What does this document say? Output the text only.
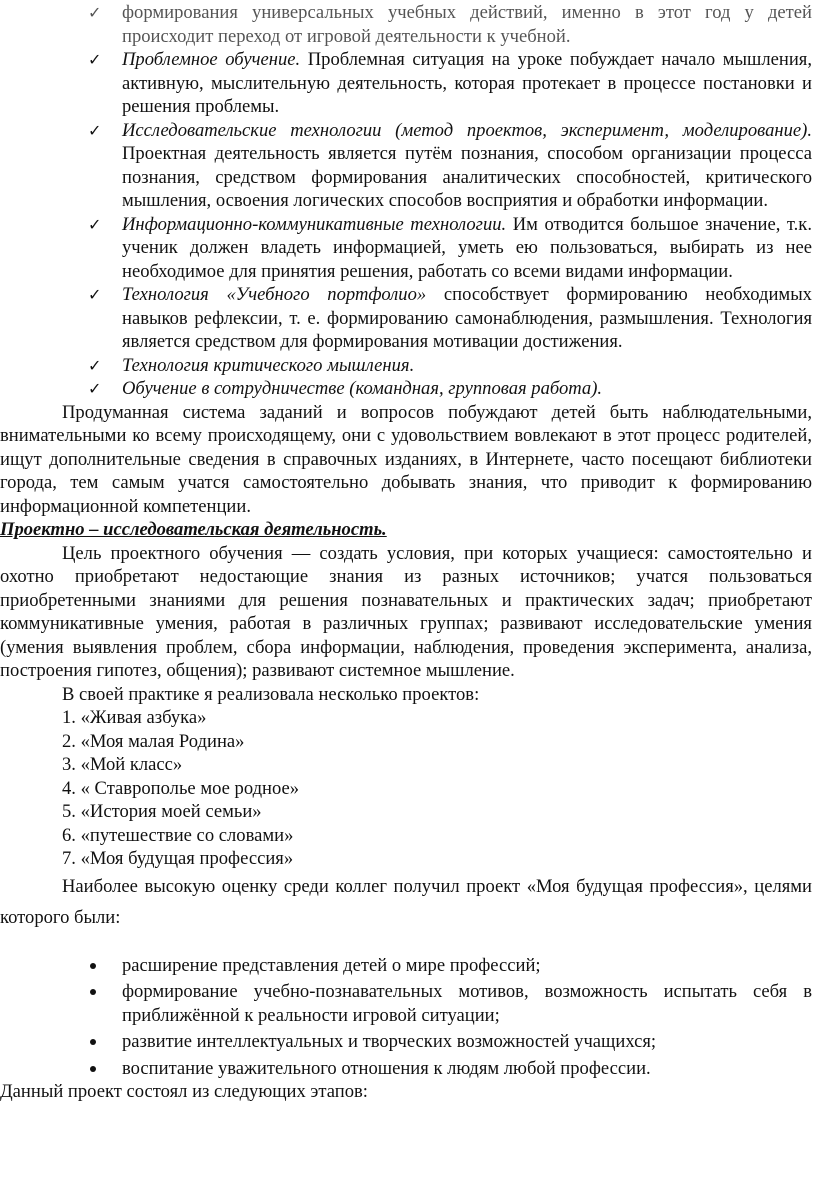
✓	формирования универсальных учебных действий, именно в этот год у детей происходит переход от игровой деятельности к учебной.
✓	Проблемное обучение. Проблемная ситуация на уроке побуждает начало мышления, активную, мыслительную деятельность, которая протекает в процессе постановки и решения проблемы.
✓	Исследовательские технологии (метод проектов, эксперимент, моделирование). Проектная деятельность является путём познания, способом организации процесса познания, средством формирования аналитических способностей, критического мышления, освоения логических способов восприятия и обработки информации.
✓	Информационно-коммуникативные технологии. Им отводится большое значение, т.к. ученик должен владеть информацией, уметь ею пользоваться, выбирать из нее необходимое для принятия решения, работать со всеми видами информации.
✓	Технология «Учебного портфолио» способствует формированию необходимых навыков рефлексии, т. е. формированию самонаблюдения, размышления. Технология является средством для формирования мотивации достижения.
✓	Технология критического мышления.
✓	Обучение в сотрудничестве (командная, групповая работа).

Продуманная система заданий и вопросов побуждают детей быть наблюдательными, внимательными ко всему происходящему, они с удовольствием вовлекают в этот процесс родителей, ищут дополнительные сведения в справочных изданиях, в Интернете, часто посещают библиотеки города, тем самым учатся самостоятельно добывать знания, что приводит к формированию информационной компетенции.

Проектно – исследовательская деятельность.

Цель проектного обучения — создать условия, при которых учащиеся: самостоятельно и охотно приобретают недостающие знания из разных источников; учатся пользоваться приобретенными знаниями для решения познавательных и практических задач; приобретают коммуникативные умения, работая в различных группах; развивают исследовательские умения (умения выявления проблем, сбора информации, наблюдения, проведения эксперимента, анализа, построения гипотез, общения); развивают системное мышление.

В своей практике я реализовала несколько проектов:

1. «Живая азбука»
2. «Моя малая Родина»
3. «Мой класс»
4. « Ставрополье мое родное»
5. «История моей семьи»
6. «путешествие со словами»
7. «Моя будущая профессия»

Наиболее высокую оценку среди коллег получил проект «Моя будущая профессия», целями которого были:

расширение представления детей о мире профессий;
формирование учебно-познавательных мотивов, возможность испытать себя в приближённой к реальности игровой ситуации;
развитие интеллектуальных и творческих возможностей учащихся;
воспитание уважительного отношения к людям любой профессии.

Данный проект состоял из следующих этапов:
